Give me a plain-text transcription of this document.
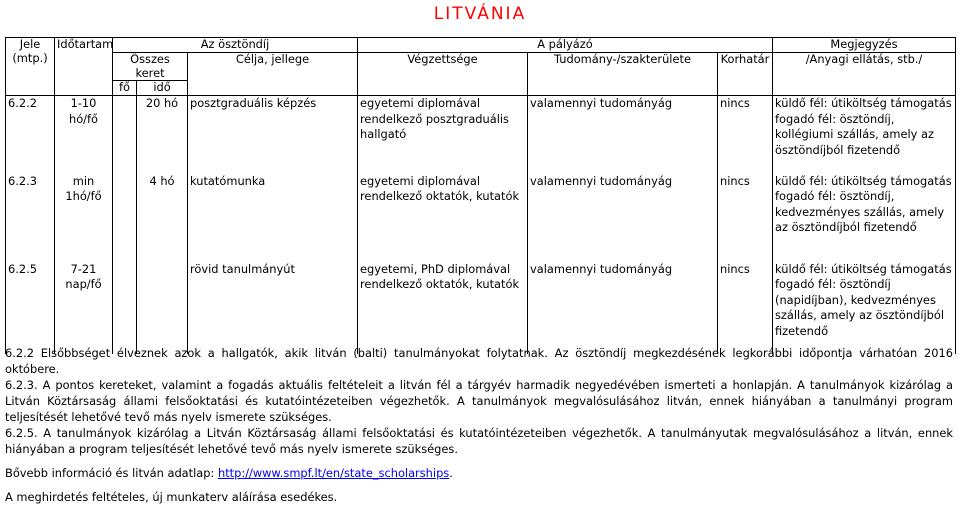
LITVÁNIA
Jele (mtp.)	Időtartam	Az ösztöndíj			A pályázó			Megjegyzés
		Összes keret		Célja, jellege	Végzettsége	Tudomány-/szakterülete	Korhatár	/Anyagi ellátás, stb./
		fő	idő					
6.2.2	1-10 hó/fő		20 hó	posztgraduális képzés	egyetemi diplomával rendelkező posztgraduális hallgató	valamennyi tudományág	nincs	küldő fél: útiköltség támogatás fogadó fél: ösztöndíj, kollégiumi szállás, amely az ösztöndíjból fizetendő
6.2.3	min 1hó/fő		4 hó	kutatómunka	egyetemi diplomával rendelkező oktatók, kutatók	valamennyi tudományág	nincs	küldő fél: útiköltség támogatás fogadó fél: ösztöndíj, kedvezményes szállás, amely az ösztöndíjból fizetendő
6.2.5	7-21 nap/fő			rövid tanulmányút	egyetemi, PhD diplomával rendelkező oktatók, kutatók	valamennyi tudományág	nincs	küldő fél: útiköltség támogatás fogadó fél: ösztöndíj (napidíjban), kedvezményes szállás, amely az ösztöndíjból fizetendő

6.2.2 Elsőbbséget élveznek azok a hallgatók, akik litván (balti) tanulmányokat folytatnak. Az ösztöndíj megkezdésének legkorábbi időpontja várhatóan 2016 októbere.

6.2.3. A pontos kereteket, valamint a fogadás aktuális feltételeit a litván fél a tárgyév harmadik negyedévében ismerteti a honlapján. A tanulmányok kizárólag a Litván Köztársaság állami felsőoktatási és kutatóintézeteiben végezhetők. A tanulmányok megvalósulásához litván, ennek hiányában a tanulmányi program teljesítését lehetővé tevő más nyelv ismerete szükséges.

6.2.5. A tanulmányok kizárólag a Litván Köztársaság állami felsőoktatási és kutatóintézeteiben végezhetők. A tanulmányutak megvalósulásához a litván, ennek hiányában a program teljesítését lehetővé tevő más nyelv ismerete szükséges.

Bővebb információ és litván adatlap: http://www.smpf.lt/en/state_scholarships.

A meghirdetés feltételes, új munkaterv aláírása esedékes.
